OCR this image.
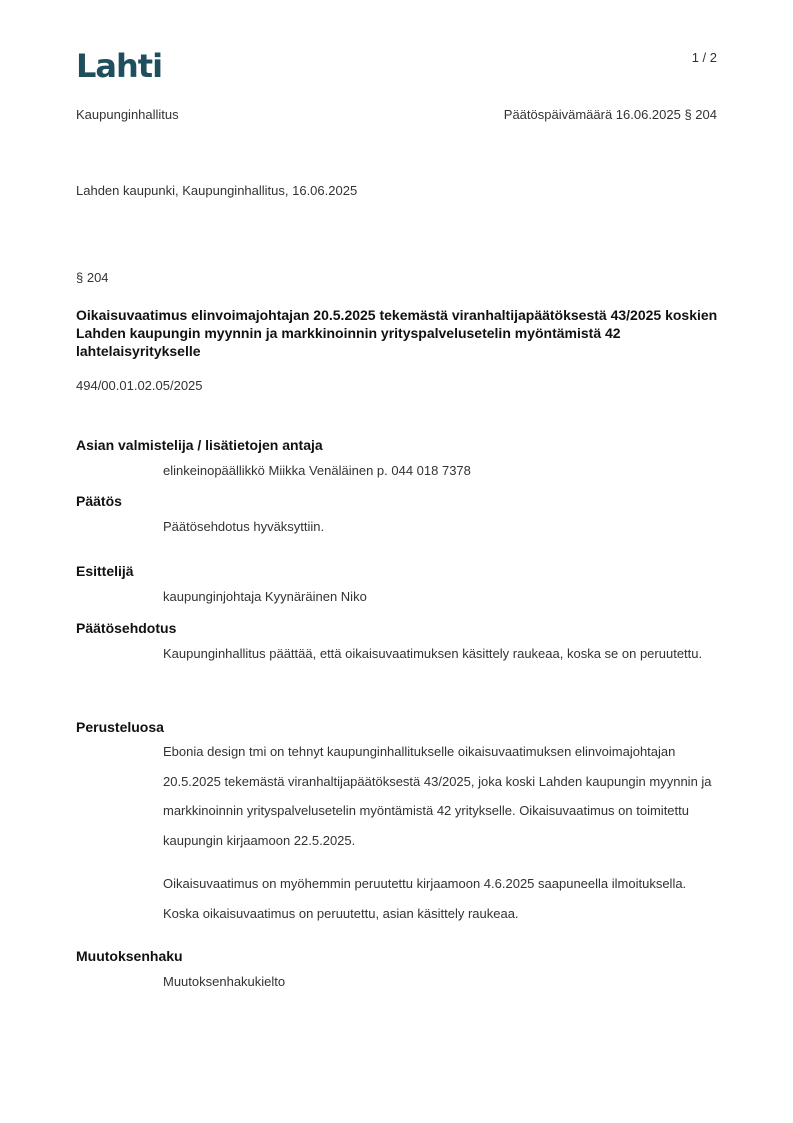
Lahti	1 / 2
Kaupunginhallitus	Päätöspäivämäärä 16.06.2025 § 204
Lahden kaupunki, Kaupunginhallitus, 16.06.2025
§ 204
Oikaisuvaatimus elinvoimajohtajan 20.5.2025 tekemästä viranhaltijapäätöksestä 43/2025 koskien Lahden kaupungin myynnin ja markkinoinnin yrityspalvelusetelin myöntämistä 42 lahtelaisyritykselle
494/00.01.02.05/2025
Asian valmistelija / lisätietojen antaja
elinkeinopäällikkö Miikka Venäläinen p. 044 018 7378
Päätös
Päätösehdotus hyväksyttiin.
Esittelijä
kaupunginjohtaja Kyynäräinen Niko
Päätösehdotus
Kaupunginhallitus päättää, että oikaisuvaatimuksen käsittely raukeaa, koska se on peruutettu.
Perusteluosa
Ebonia design tmi on tehnyt kaupunginhallitukselle oikaisuvaatimuksen elinvoimajohtajan 20.5.2025 tekemästä viranhaltijapäätöksestä 43/2025, joka koski Lahden kaupungin myynnin ja markkinoinnin yrityspalvelusetelin myöntämistä 42 yritykselle. Oikaisuvaatimus on toimitettu kaupungin kirjaamoon 22.5.2025.
Oikaisuvaatimus on myöhemmin peruutettu kirjaamoon 4.6.2025 saapuneella ilmoituksella. Koska oikaisuvaatimus on peruutettu, asian käsittely raukeaa.
Muutoksenhaku
Muutoksenhakukielto
